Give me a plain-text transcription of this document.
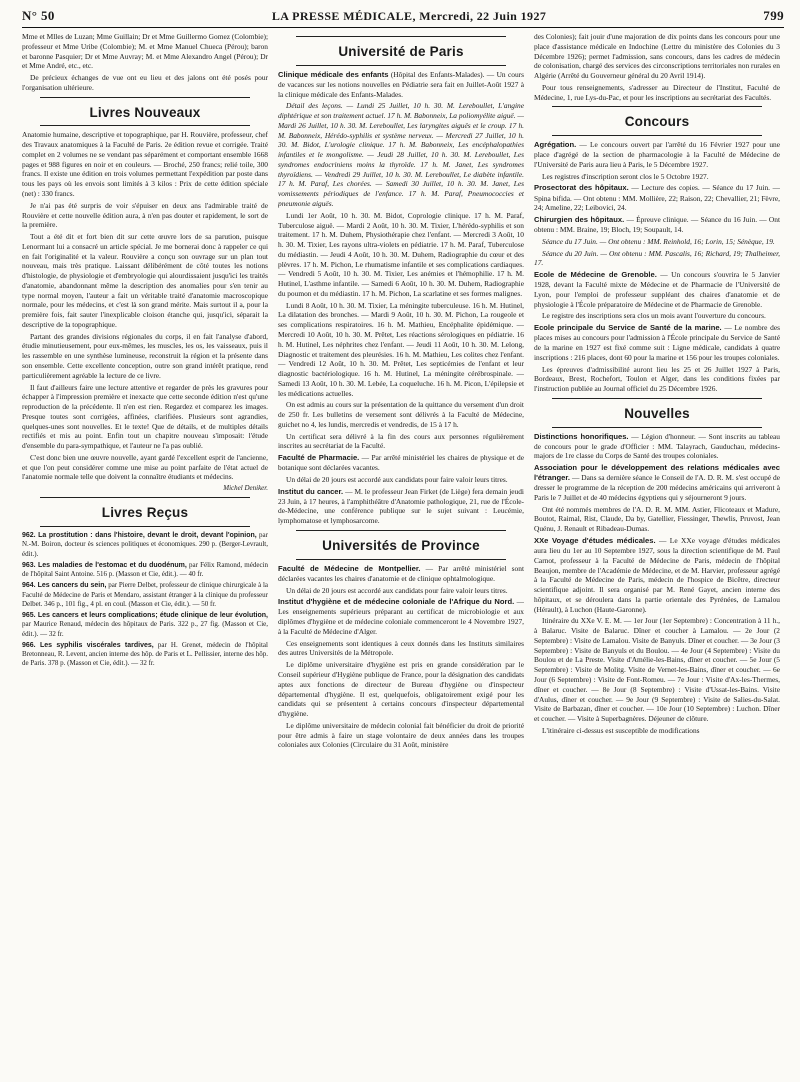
N° 50	LA PRESSE MÉDICALE, Mercredi, 22 Juin 1927	799

Mme et Mlles de Luzan; Mme Guillain; Dr et Mme Guillermo Gomez (Colombie); professeur et Mme Uribe (Colombie); M. et Mme Manuel Chueca (Pérou); baron et baronne Pasquier; Dr et Mme Auvray; M. et Mme Alexandro Angel (Pérou); Dr et Mme André, etc., etc.

De précieux échanges de vue ont eu lieu et des jalons ont été posés pour l'organisation ultérieure.

Livres Nouveaux

Anatomie humaine, descriptive et topographique, par H. Rouvière, professeur, chef des Travaux anatomiques à la Faculté de Paris. 2e édition revue et corrigée. Traité complet en 2 volumes ne se vendant pas séparément et comportant ensemble 1668 pages et 988 figures en noir et en couleurs. — Broché, 250 francs; relié toile, 300 francs. Il existe une édition en trois volumes permettant l'expédition par poste dans tous les pays où les envois sont limités à 3 kilos : Prix de cette édition spéciale (net) : 330 francs.

Je n'ai pas été surpris de voir s'épuiser en deux ans l'admirable traité de Rouvière et cette nouvelle édition aura, à n'en pas douter et rapidement, le sort de la première.

Tout a été dit et fort bien dit sur cette œuvre lors de sa parution, puisque Lenormant lui a consacré un article spécial. Je me bornerai donc à rappeler ce qui en fait l'originalité et la valeur. Rouvière a conçu son ouvrage sur un plan tout nouveau, mais très pratique. Laissant délibérément de côté toutes les notions d'histologie, de physiologie et d'embryologie qui alourdissaient jusqu'ici les traités d'anatomie, abandonnant même la description des anomalies pour s'en tenir au type normal moyen, l'auteur a fait un véritable traité d'anatomie macroscopique normale, pour les médecins, et c'est là son grand mérite. Mais surtout il a, pour la première fois, fait sauter l'inexplicable cloison étanche qui, jusqu'ici, séparait la descriptive de la topographique.

Partant des grandes divisions régionales du corps, il en fait l'analyse d'abord, étudie minutieusement, pour eux-mêmes, les muscles, les os, les vaisseaux, puis il les rassemble en une synthèse lumineuse, reconstruit la région et la présente dans son ensemble. Cette excellente conception, outre son grand intérêt pratique, rend particulièrement agréable la lecture de ce livre.

Il faut d'ailleurs faire une lecture attentive et regarder de près les gravures pour échapper à l'impression première et inexacte que cette seconde édition n'est qu'une reproduction de la précédente. Il n'en est rien. Regardez et comparez les images. Presque toutes sont corrigées, affinées, clarifiées. Plusieurs sont agrandies, quelques-unes sont nouvelles. Et le texte! Que de détails, et de multiples détails rectifiés et mis au point. Enfin tout un chapitre nouveau s'imposait: l'étude d'ensemble du para-sympathique, et l'auteur ne l'a pas oublié.

C'est donc bien une œuvre nouvelle, ayant gardé l'excellent esprit de l'ancienne, et que l'on peut considérer comme une mise au point parfaite de l'état actuel de l'anatomie normale telle que doivent la connaître étudiants et médecins.

Michel Deniker.
Livres Reçus

962. La prostitution : dans l'histoire, devant le droit, devant l'opinion, par N.-M. Boiron, docteur ès sciences politiques et économiques. 290 p. (Berger-Levrault, édit.).

963. Les maladies de l'estomac et du duodénum, par Félix Ramond, médecin de l'hôpital Saint Antoine. 516 p. (Masson et Cie, édit.). — 40 fr.

964. Les cancers du sein, par Pierre Delbet, professeur de clinique chirurgicale à la Faculté de Médecine de Paris et Mendaro, assistant étranger à la clinique du professeur Delbet. 346 p., 101 fig., 4 pl. en coul. (Masson et Cie, édit.). — 50 fr.

965. Les cancers et leurs complications; étude clinique de leur évolution, par Maurice Renaud, médecin des hôpitaux de Paris. 322 p., 27 fig. (Masson et Cie, édit.). — 32 fr.

966. Les syphilis viscérales tardives, par H. Grenet, médecin de l'hôpital Bretonneau, R. Levent, ancien interne des hôp. de Paris et L. Pellissier, interne des hôp. de Paris. 378 p. (Masson et Cie, édit.). — 32 fr.

Université de Paris

Clinique médicale des enfants (Hôpital des Enfants-Malades). — Un cours de vacances sur les notions nouvelles en Pédiatrie sera fait en Juillet-Août 1927 à la clinique médicale des Enfants-Malades.

Détail des leçons. — Lundi 25 Juillet, 10 h. 30. M. Lereboullet, L'angine diphtérique et son traitement actuel. 17 h. M. Babonneix, La poliomyélite aiguë. — Mardi 26 Juillet, 10 h. 30. M. Lereboullet, Les laryngites aiguës et le croup. 17 h. M. Babonneix, Hérédo-syphilis et système nerveux. — Mercredi 27 Juillet, 10 h. 30. M. Bidot, L'urologie clinique. 17 h. M. Babonneix, Les encéphalopathies infantiles et le mongolisme. — Jeudi 28 Juillet, 10 h. 30. M. Lereboullet, Les syndromes endocriniens moins la thyroïde. 17 h. M. Janet, Les syndromes thyroïdiens. — Vendredi 29 Juillet, 10 h. 30. M. Lereboullet, Le diabète infantile. 17 h. M. Paraf, Les chorées. — Samedi 30 Juillet, 10 h. 30. M. Janet, Les vomissements périodiques de l'enfance. 17 h. M. Paraf, Pneumococcies et pneumonie aiguës.

Lundi 1er Août, 10 h. 30. M. Bidot, Coprologie clinique. 17 h. M. Paraf, Tuberculose aiguë. — Mardi 2 Août, 10 h. 30. M. Tixier, L'hérédo-syphilis et son traitement. 17 h. M. Duhem, Physiothérapie chez l'enfant. — Mercredi 3 Août, 10 h. 30. M. Tixier, Les rayons ultra-violets en pédiatrie. 17 h. M. Paraf, Tuberculose du médiastin. — Jeudi 4 Août, 10 h. 30. M. Duhem, Radiographie du cœur et des plèvres. 17 h. M. Pichon, Le rhumatisme infantile et ses complications cardiaques. — Vendredi 5 Août, 10 h. 30. M. Tixier, Les anémies et l'hémophilie. 17 h. M. Hutinel, L'asthme infantile. — Samedi 6 Août, 10 h. 30. M. Duhem, Radiographie du poumon et du médiastin. 17 h. M. Pichon, La scarlatine et ses formes malignes.

Lundi 8 Août, 10 h. 30. M. Tixier, La méningite tuberculeuse. 16 h. M. Hutinel, La dilatation des bronches. — Mardi 9 Août, 10 h. 30. M. Pichon, La rougeole et ses complications respiratoires. 16 h. M. Mathieu, Encéphalite épidémique. — Mercredi 10 Août, 10 h. 30. M. Prêtet, Les réactions sérologiques en pédiatrie. 16 h. M. Hutinel, Les néphrites chez l'enfant. — Jeudi 11 Août, 10 h. 30. M. Lelong, Diagnostic et traitement des pleurésies. 16 h. M. Mathieu, Les colites chez l'enfant. — Vendredi 12 Août, 10 h. 30. M. Prêtet, Les septicémies de l'enfant et leur diagnostic bactériologique. 16 h. M. Hutinel, La méningite cérébrospinale. — Samedi 13 Août, 10 h. 30. M. Lebée, La coqueluche. 16 h. M. Picon, L'épilepsie et les médications actuelles.

On est admis au cours sur la présentation de la quittance du versement d'un droit de 250 fr. Les bulletins de versement sont délivrés à la Faculté de Médecine, guichet no 4, les lundis, mercredis et vendredis, de 15 à 17 h.

Un certificat sera délivré à la fin des cours aux personnes régulièrement inscrites au secrétariat de la Faculté.

Faculté de Pharmacie. — Par arrêté ministériel les chaires de physique et de botanique sont déclarées vacantes.

Un délai de 20 jours est accordé aux candidats pour faire valoir leurs titres.

Institut du cancer. — M. le professeur Jean Firket (de Liège) fera demain jeudi 23 Juin, à 17 heures, à l'amphithéâtre d'Anatomie pathologique, 21, rue de l'École-de-Médecine, une conférence publique sur le sujet suivant : Leucémie, lymphomatose et lymphosarcome.

Universités de Province

Faculté de Médecine de Montpellier. — Par arrêté ministériel sont déclarées vacantes les chaires d'anatomie et de clinique ophtalmologique.

Un délai de 20 jours est accordé aux candidats pour faire valoir leurs titres.

Institut d'hygiène et de médecine coloniale de l'Afrique du Nord. — Les enseignements supérieurs préparant au certificat de microbiologie et aux diplômes d'hygiène et de médecine coloniale commenceront le 4 Novembre 1927, à la Faculté de Médecine d'Alger.

Ces enseignements sont identiques à ceux donnés dans les Instituts similaires des autres Universités de la Métropole.

Le diplôme universitaire d'hygiène est pris en grande considération par le Conseil supérieur d'Hygiène publique de France, pour la désignation des candidats aptes aux fonctions de directeur de Bureau d'hygiène ou d'inspecteur départemental d'hygiène. Il est, quelquefois, obligatoirement exigé pour les candidats qui se présentent à certains concours d'inspecteur départemental d'hygiène.

Le diplôme universitaire de médecin colonial fait bénéficier du droit de priorité pour être admis à faire un stage volontaire de deux années dans les troupes coloniales aux Colonies (Circulaire du 31 Août, ministère

des Colonies); fait jouir d'une majoration de dix points dans les concours pour une place d'assistance médicale en Indochine (Lettre du ministère des Colonies du 3 Décembre 1926); permet l'admission, sans concours, dans les cadres de médecin de colonisation, chargé des services des circonscriptions territoriales non rurales en Algérie (Arrêté du Gouverneur général du 20 Avril 1914).

Pour tous renseignements, s'adresser au Directeur de l'Institut, Faculté de Médecine, 1, rue Lys-du-Pac, et pour les inscriptions au secrétariat des Facultés.

Concours

Agrégation. — Le concours ouvert par l'arrêté du 16 Février 1927 pour une place d'agrégé de la section de pharmacologie à la Faculté de Médecine de l'Université de Paris aura lieu à Paris, le 5 Décembre 1927.

Les registres d'inscription seront clos le 5 Octobre 1927.

Prosectorat des hôpitaux. — Lecture des copies. — Séance du 17 Juin. — Spina bifida. — Ont obtenu : MM. Mollière, 22; Raison, 22; Chevallier, 21; Fèvre, 24; Ameline, 22; Leibovici, 24.

Chirurgien des hôpitaux. — Épreuve clinique. — Séance du 16 Juin. — Ont obtenu : MM. Braine, 19; Bloch, 19; Soupault, 14.

Séance du 17 Juin. — Ont obtenu : MM. Reinhold, 16; Lorin, 15; Sénèque, 19.

Séance du 20 Juin. — Ont obtenu : MM. Pascalis, 16; Richard, 19; Thalheimer, 17.

Ecole de Médecine de Grenoble. — Un concours s'ouvrira le 5 Janvier 1928, devant la Faculté mixte de Médecine et de Pharmacie de l'Université de Lyon, pour l'emploi de professeur suppléant des chaires d'anatomie et de physiologie à l'École préparatoire de Médecine et de Pharmacie de Grenoble.

Le registre des inscriptions sera clos un mois avant l'ouverture du concours.

Ecole principale du Service de Santé de la marine. — Le nombre des places mises au concours pour l'admission à l'École principale du Service de Santé de la marine en 1927 est fixé comme suit : Ligne médicale, candidats à quatre inscriptions : 216 places, dont 60 pour la marine et 156 pour les troupes coloniales.

Les épreuves d'admissibilité auront lieu les 25 et 26 Juillet 1927 à Paris, Bordeaux, Brest, Rochefort, Toulon et Alger, dans les conditions fixées par l'instruction publiée au Journal officiel du 25 Décembre 1926.

Nouvelles

Distinctions honorifiques. — Légion d'honneur. — Sont inscrits au tableau de concours pour le grade d'Officier : MM. Talayrach, Gauduchau, médecins-majors de 1re classe du Corps de Santé des troupes coloniales.

Association pour le développement des relations médicales avec l'étranger. — Dans sa dernière séance le Conseil de l'A. D. R. M. s'est occupé de dresser le programme de la réception de 200 médecins américains qui arriveront à Paris le 7 Juillet et de 40 médecins égyptiens qui y séjourneront 9 jours.

Ont été nommés membres de l'A. D. R. M. MM. Astier, Flicoteaux et Madure, Boutot, Raimal, Rist, Claude, Da by, Gatellier, Fiessinger, Thewlis, Pruvost, Jean Quénu, J. Renault et Ribadeau-Dumas.

XXe Voyage d'études médicales. — Le XXe voyage d'études médicales aura lieu du 1er au 10 Septembre 1927, sous la direction scientifique de M. Paul Carnot, professeur à la Faculté de Médecine de Paris, médecin de l'hôpital Beaujon, membre de l'Académie de Médecine, et de M. Harvier, professeur agrégé à la Faculté de Médecine de Paris, médecin de l'hospice de Bicêtre, directeur scientifique adjoint. Il sera organisé par M. René Gayet, ancien interne des hôpitaux, et se déroulera dans la partie orientale des Pyrénées, de Lamalou (Hérault), à Luchon (Haute-Garonne).

Itinéraire du XXe V. E. M. — 1er Jour (1er Septembre) : Concentration à 11 h., à Balaruc. Visite de Balaruc. Dîner et coucher à Lamalou. — 2e Jour (2 Septembre) : Visite de Lamalou. Visite de Banyuls. Dîner et coucher. — 3e Jour (3 Septembre) : Visite de Banyuls et du Boulou. — 4e Jour (4 Septembre) : Visite du Boulou et de La Preste. Visite d'Amélie-les-Bains, dîner et coucher. — 5e Jour (5 Septembre) : Visite de Molitg. Visite de Vernet-les-Bains, dîner et coucher. — 6e Jour (6 Septembre) : Visite de Font-Romeu. — 7e Jour : Visite d'Ax-les-Thermes, dîner et coucher. — 8e Jour (8 Septembre) : Visite d'Ussat-les-Bains. Visite d'Aulus, dîner et coucher. — 9e Jour (9 Septembre) : Visite de Salies-du-Salat. Visite de Barbazan, dîner et coucher. — 10e Jour (10 Septembre) : Luchon. Dîner et coucher. — Visite à Superbagnères. Déjeuner de clôture.

L'itinéraire ci-dessus est susceptible de modifications
